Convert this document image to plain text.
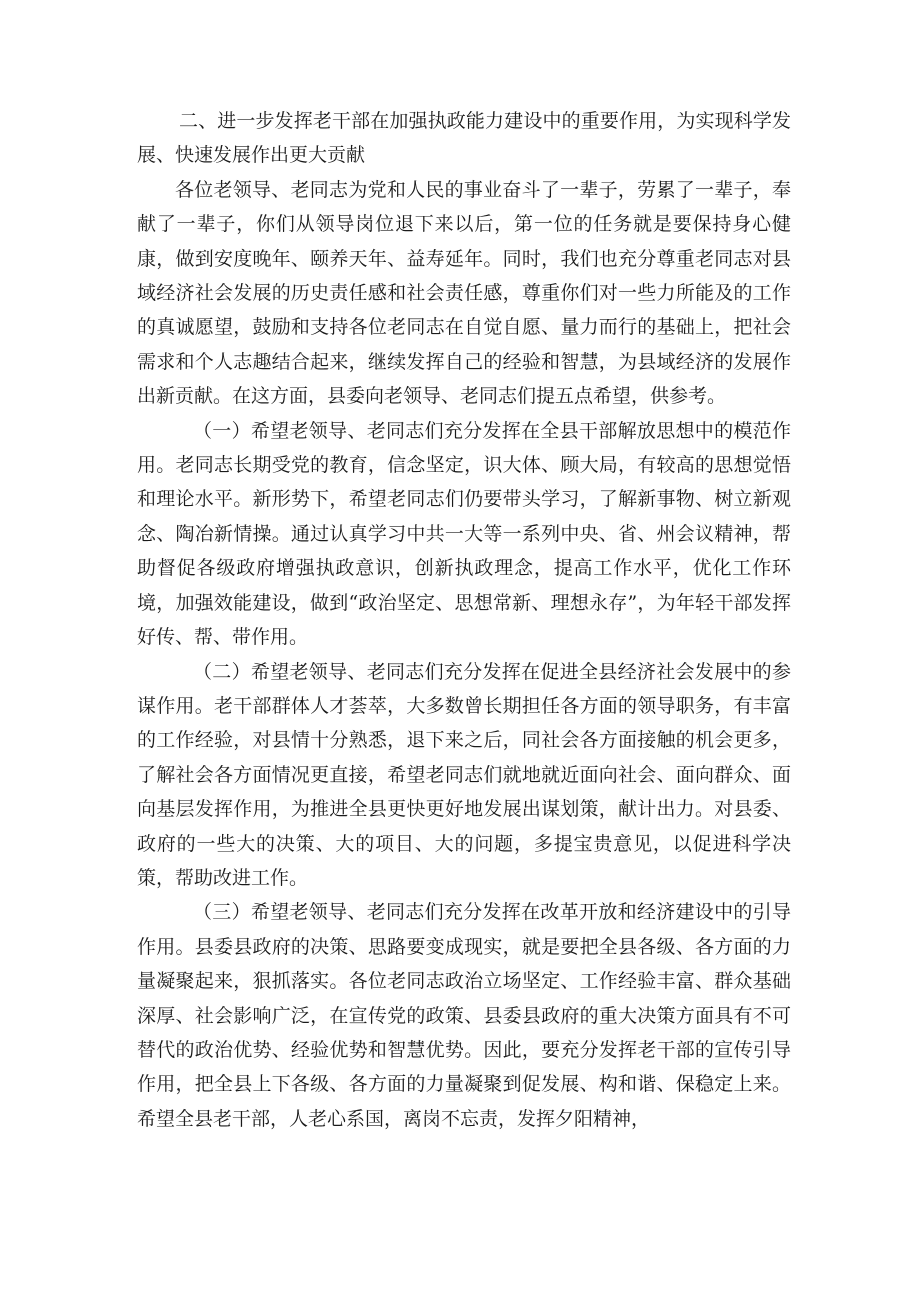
二、进一步发挥老干部在加强执政能力建设中的重要作用，为实现科学发展、快速发展作出更大贡献

各位老领导、老同志为党和人民的事业奋斗了一辈子，劳累了一辈子，奉献了一辈子，你们从领导岗位退下来以后，第一位的任务就是要保持身心健康，做到安度晚年、颐养天年、益寿延年。同时，我们也充分尊重老同志对县域经济社会发展的历史责任感和社会责任感，尊重你们对一些力所能及的工作的真诚愿望，鼓励和支持各位老同志在自觉自愿、量力而行的基础上，把社会需求和个人志趣结合起来，继续发挥自己的经验和智慧，为县域经济的发展作出新贡献。在这方面，县委向老领导、老同志们提五点希望，供参考。

（一）希望老领导、老同志们充分发挥在全县干部解放思想中的模范作用。老同志长期受党的教育，信念坚定，识大体、顾大局，有较高的思想觉悟和理论水平。新形势下，希望老同志们仍要带头学习，了解新事物、树立新观念、陶冶新情操。通过认真学习中共一大等一系列中央、省、州会议精神，帮助督促各级政府增强执政意识，创新执政理念，提高工作水平，优化工作环境，加强效能建设，做到“政治坚定、思想常新、理想永存”，为年轻干部发挥好传、帮、带作用。

（二）希望老领导、老同志们充分发挥在促进全县经济社会发展中的参谋作用。老干部群体人才荟萃，大多数曾长期担任各方面的领导职务，有丰富的工作经验，对县情十分熟悉，退下来之后，同社会各方面接触的机会更多，了解社会各方面情况更直接，希望老同志们就地就近面向社会、面向群众、面向基层发挥作用，为推进全县更快更好地发展出谋划策，献计出力。对县委、政府的一些大的决策、大的项目、大的问题，多提宝贵意见，以促进科学决策，帮助改进工作。

（三）希望老领导、老同志们充分发挥在改革开放和经济建设中的引导作用。县委县政府的决策、思路要变成现实，就是要把全县各级、各方面的力量凝聚起来，狠抓落实。各位老同志政治立场坚定、工作经验丰富、群众基础深厚、社会影响广泛，在宣传党的政策、县委县政府的重大决策方面具有不可替代的政治优势、经验优势和智慧优势。因此，要充分发挥老干部的宣传引导作用，把全县上下各级、各方面的力量凝聚到促发展、构和谐、保稳定上来。希望全县老干部，人老心系国，离岗不忘责，发挥夕阳精神，
